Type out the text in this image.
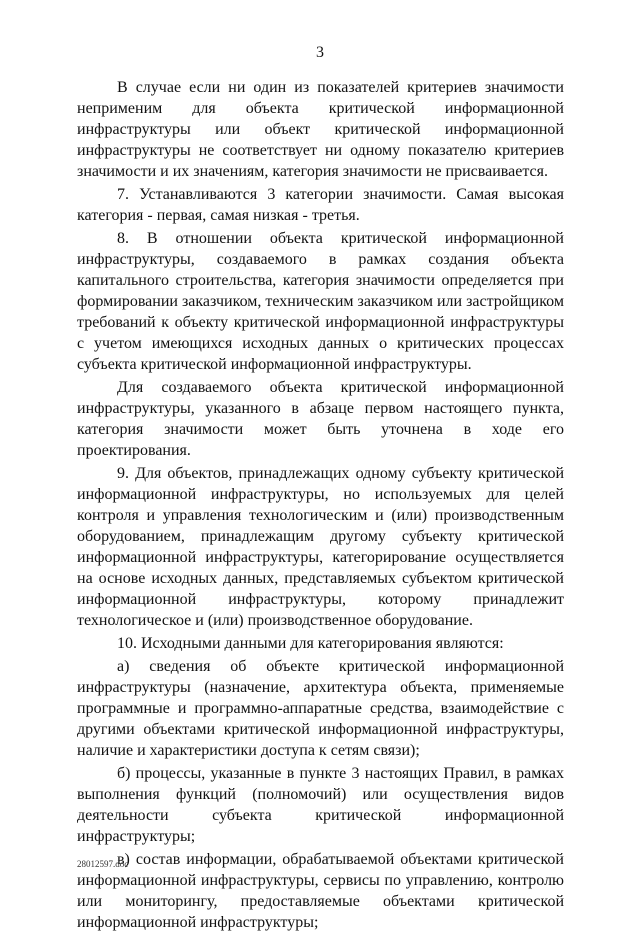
3

В случае если ни один из показателей критериев значимости неприменим для объекта критической информационной инфраструктуры или объект критической информационной инфраструктуры не соответствует ни одному показателю критериев значимости и их значениям, категория значимости не присваивается.

7. Устанавливаются 3 категории значимости. Самая высокая категория - первая, самая низкая - третья.

8. В отношении объекта критической информационной инфраструктуры, создаваемого в рамках создания объекта капитального строительства, категория значимости определяется при формировании заказчиком, техническим заказчиком или застройщиком требований к объекту критической информационной инфраструктуры с учетом имеющихся исходных данных о критических процессах субъекта критической информационной инфраструктуры.

Для создаваемого объекта критической информационной инфраструктуры, указанного в абзаце первом настоящего пункта, категория значимости может быть уточнена в ходе его проектирования.

9. Для объектов, принадлежащих одному субъекту критической информационной инфраструктуры, но используемых для целей контроля и управления технологическим и (или) производственным оборудованием, принадлежащим другому субъекту критической информационной инфраструктуры, категорирование осуществляется на основе исходных данных, представляемых субъектом критической информационной инфраструктуры, которому принадлежит технологическое и (или) производственное оборудование.

10. Исходными данными для категорирования являются:

а) сведения об объекте критической информационной инфраструктуры (назначение, архитектура объекта, применяемые программные и программно-аппаратные средства, взаимодействие с другими объектами критической информационной инфраструктуры, наличие и характеристики доступа к сетям связи);

б) процессы, указанные в пункте 3 настоящих Правил, в рамках выполнения функций (полномочий) или осуществления видов деятельности субъекта критической информационной инфраструктуры;

в) состав информации, обрабатываемой объектами критической информационной инфраструктуры, сервисы по управлению, контролю или мониторингу, предоставляемые объектами критической информационной инфраструктуры;

28012597.doc
